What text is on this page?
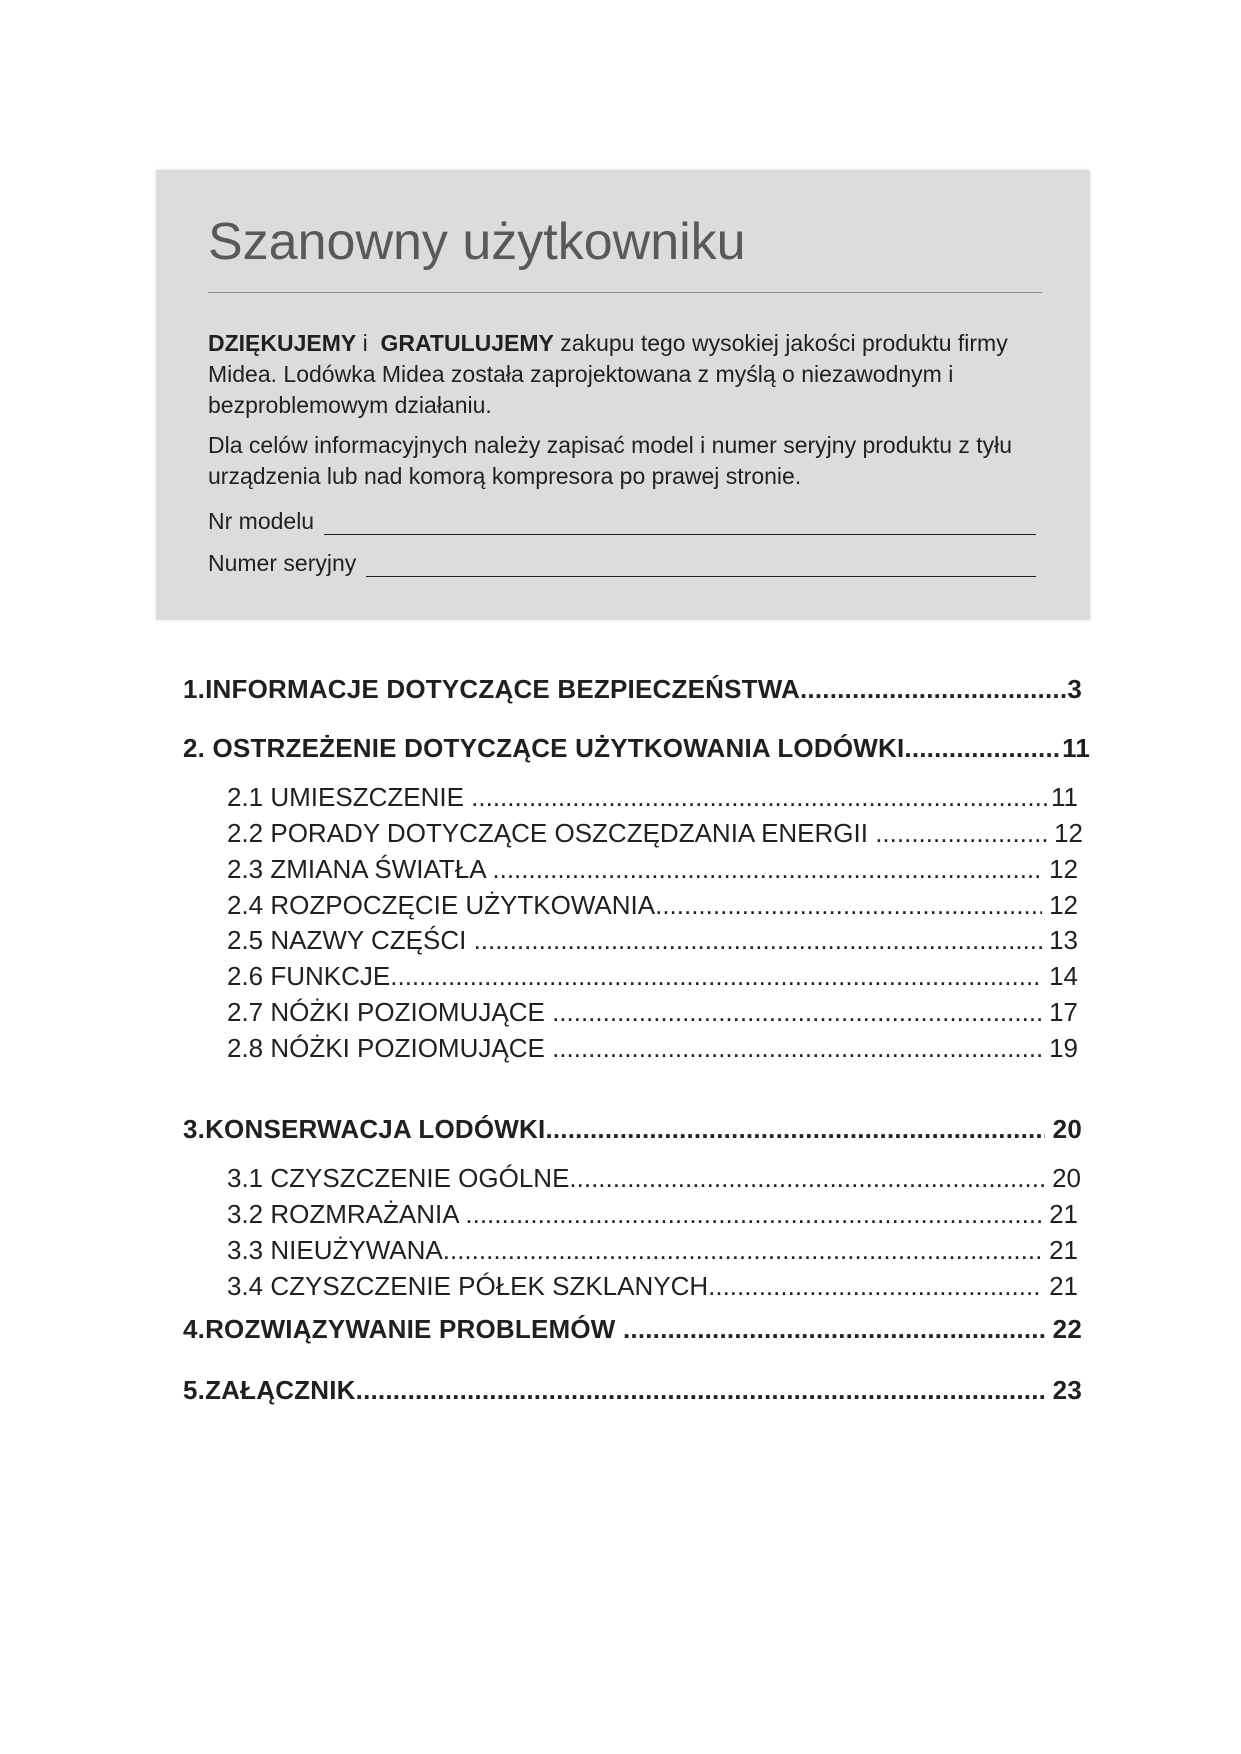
Szanowny użytkowniku

DZIĘKUJEMY i  GRATULUJEMY zakupu tego wysokiej jakości produktu firmy Midea. Lodówka Midea została zaprojektowana z myślą o niezawodnym i bezproblemowym działaniu.

Dla celów informacyjnych należy zapisać model i numer seryjny produktu z tyłu urządzenia lub nad komorą kompresora po prawej stronie.

Nr modelu
Numer seryjny
1.INFORMACJE DOTYCZĄCE BEZPIECZEŃSTWA .....	3
2. OSTRZEŻENIE DOTYCZĄCE UŻYTKOWANIA LODÓWKI .....	11
2.1 UMIESZCZENIE .....	11
2.2 PORADY DOTYCZĄCE OSZCZĘDZANIA ENERGII .....	12
2.3 ZMIANA ŚWIATŁA .....	12
2.4 ROZPOCZĘCIE UŻYTKOWANIA .....	12
2.5 NAZWY CZĘŚCI .....	13
2.6 FUNKCJE .....	14
2.7 NÓŻKI POZIOMUJĄCE .....	17
2.8 NÓŻKI POZIOMUJĄCE .....	19
3.KONSERWACJA LODÓWKI .....	20
3.1 CZYSZCZENIE OGÓLNE .....	20
3.2 ROZMRAŻANIA .....	21
3.3 NIEUŻYWANA .....	21
3.4 CZYSZCZENIE PÓŁEK SZKLANYCH .....	21
4.ROZWIĄZYWANIE PROBLEMÓW .....	22
5.ZAŁĄCZNIK .....	23
